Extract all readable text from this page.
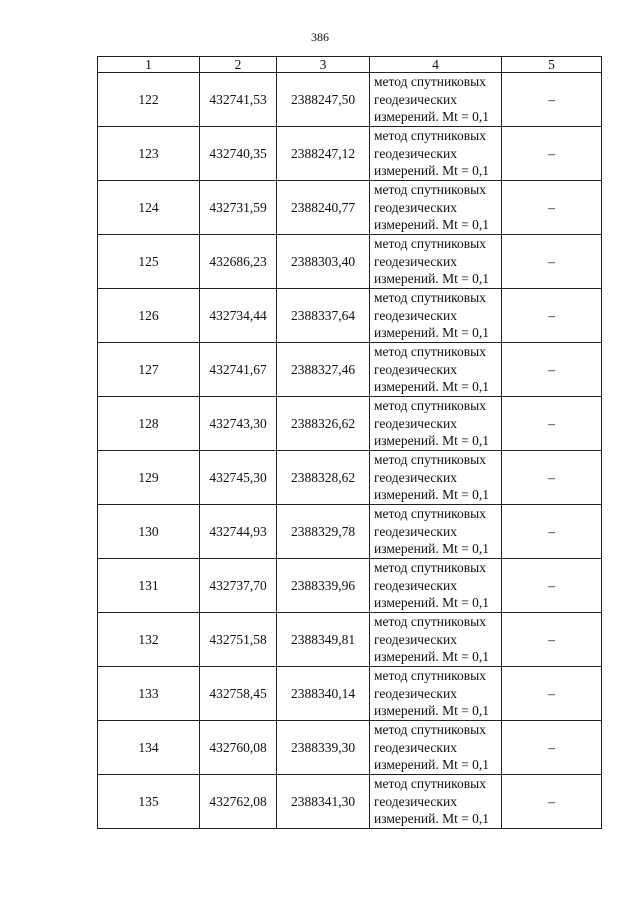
386
1	2	3	4	5
122	432741,53	2388247,50	метод спутниковых
геодезических
измерений. Mt = 0,1	–
123	432740,35	2388247,12	метод спутниковых
геодезических
измерений. Mt = 0,1	–
124	432731,59	2388240,77	метод спутниковых
геодезических
измерений. Mt = 0,1	–
125	432686,23	2388303,40	метод спутниковых
геодезических
измерений. Mt = 0,1	–
126	432734,44	2388337,64	метод спутниковых
геодезических
измерений. Mt = 0,1	–
127	432741,67	2388327,46	метод спутниковых
геодезических
измерений. Mt = 0,1	–
128	432743,30	2388326,62	метод спутниковых
геодезических
измерений. Mt = 0,1	–
129	432745,30	2388328,62	метод спутниковых
геодезических
измерений. Mt = 0,1	–
130	432744,93	2388329,78	метод спутниковых
геодезических
измерений. Mt = 0,1	–
131	432737,70	2388339,96	метод спутниковых
геодезических
измерений. Mt = 0,1	–
132	432751,58	2388349,81	метод спутниковых
геодезических
измерений. Mt = 0,1	–
133	432758,45	2388340,14	метод спутниковых
геодезических
измерений. Mt = 0,1	–
134	432760,08	2388339,30	метод спутниковых
геодезических
измерений. Mt = 0,1	–
135	432762,08	2388341,30	метод спутниковых
геодезических
измерений. Mt = 0,1	–
